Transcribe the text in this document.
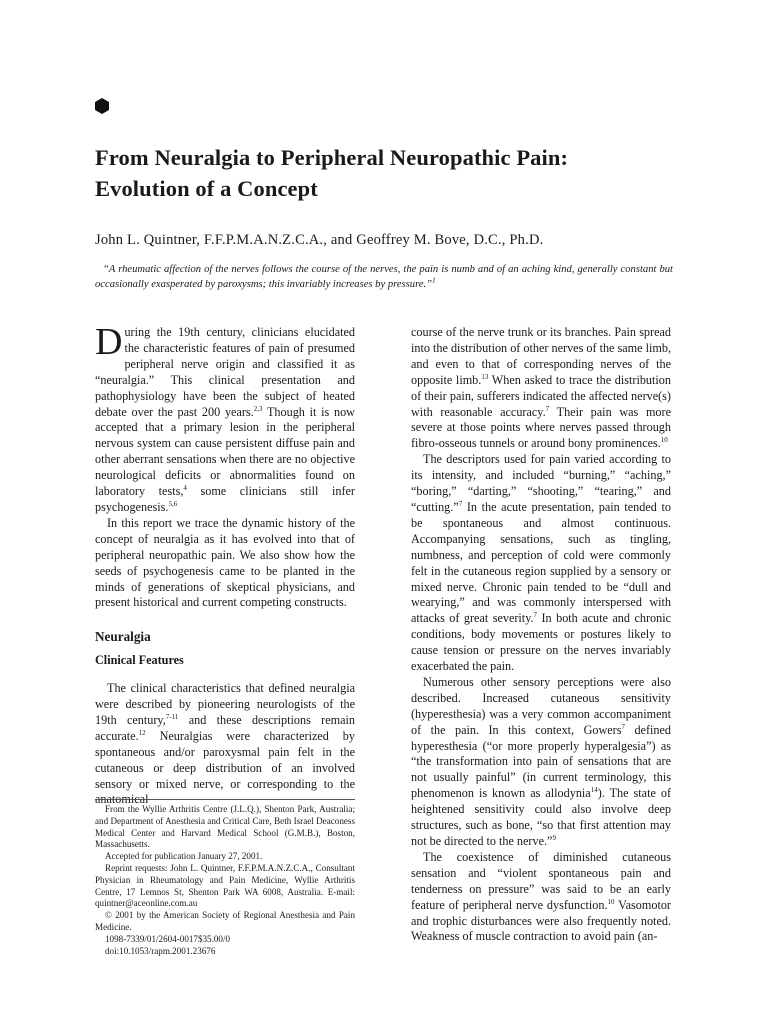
From Neuralgia to Peripheral Neuropathic Pain:
Evolution of a Concept

John L. Quintner, F.F.P.M.A.N.Z.C.A., and Geoffrey M. Bove, D.C., Ph.D.

“A rheumatic affection of the nerves follows the course of the nerves, the pain is numb and of an aching kind, generally constant but occasionally exasperated by paroxysms; this invariably increases by pressure.”$^1$

During the 19th century, clinicians elucidated the characteristic features of pain of presumed peripheral nerve origin and classified it as “neuralgia.” This clinical presentation and pathophysiology have been the subject of heated debate over the past 200 years.$^{2,3}$ Though it is now accepted that a primary lesion in the peripheral nervous system can cause persistent diffuse pain and other aberrant sensations when there are no objective neurological deficits or abnormalities found on laboratory tests,$^4$ some clinicians still infer psychogenesis.$^{5,6}$

In this report we trace the dynamic history of the concept of neuralgia as it has evolved into that of peripheral neuropathic pain. We also show how the seeds of psychogenesis came to be planted in the minds of generations of skeptical physicians, and present historical and current competing constructs.

Neuralgia

Clinical Features

The clinical characteristics that defined neuralgia were described by pioneering neurologists of the 19th century,$^{7-11}$ and these descriptions remain accurate.$^{12}$ Neuralgias were characterized by spontaneous and/or paroxysmal pain felt in the cutaneous or deep distribution of an involved sensory or mixed nerve, or corresponding to the anatomical

From the Wyllie Arthritis Centre (J.L.Q.), Shenton Park, Australia; and Department of Anesthesia and Critical Care, Beth Israel Deaconess Medical Center and Harvard Medical School (G.M.B.), Boston, Massachusetts.

Accepted for publication January 27, 2001.

Reprint requests: John L. Quintner, F.F.P.M.A.N.Z.C.A., Consultant Physician in Rheumatology and Pain Medicine, Wyllie Arthritis Centre, 17 Lemnos St, Shenton Park WA 6008, Australia. E-mail: quintner@aceonline.com.au

© 2001 by the American Society of Regional Anesthesia and Pain Medicine.

1098-7339/01/2604-0017$35.00/0

doi:10.1053/rapm.2001.23676

course of the nerve trunk or its branches. Pain spread into the distribution of other nerves of the same limb, and even to that of corresponding nerves of the opposite limb.$^{13}$ When asked to trace the distribution of their pain, sufferers indicated the affected nerve(s) with reasonable accuracy.$^7$ Their pain was more severe at those points where nerves passed through fibro-osseous tunnels or around bony prominences.$^{10}$

The descriptors used for pain varied according to its intensity, and included “burning,” “aching,” “boring,” “darting,” “shooting,” “tearing,” and “cutting.”$^7$ In the acute presentation, pain tended to be spontaneous and almost continuous. Accompanying sensations, such as tingling, numbness, and perception of cold were commonly felt in the cutaneous region supplied by a sensory or mixed nerve. Chronic pain tended to be “dull and wearying,” and was commonly interspersed with attacks of great severity.$^7$ In both acute and chronic conditions, body movements or postures likely to cause tension or pressure on the nerves invariably exacerbated the pain.

Numerous other sensory perceptions were also described. Increased cutaneous sensitivity (hyperesthesia) was a very common accompaniment of the pain. In this context, Gowers$^7$ defined hyperesthesia (“or more properly hyperalgesia”) as “the transformation into pain of sensations that are not usually painful” (in current terminology, this phenomenon is known as allodynia$^{14}$). The state of heightened sensitivity could also involve deep structures, such as bone, “so that first attention may not be directed to the nerve.”$^9$

The coexistence of diminished cutaneous sensation and “violent spontaneous pain and tenderness on pressure” was said to be an early feature of peripheral nerve dysfunction.$^{10}$ Vasomotor and trophic disturbances were also frequently noted. Weakness of muscle contraction to avoid pain (an-
